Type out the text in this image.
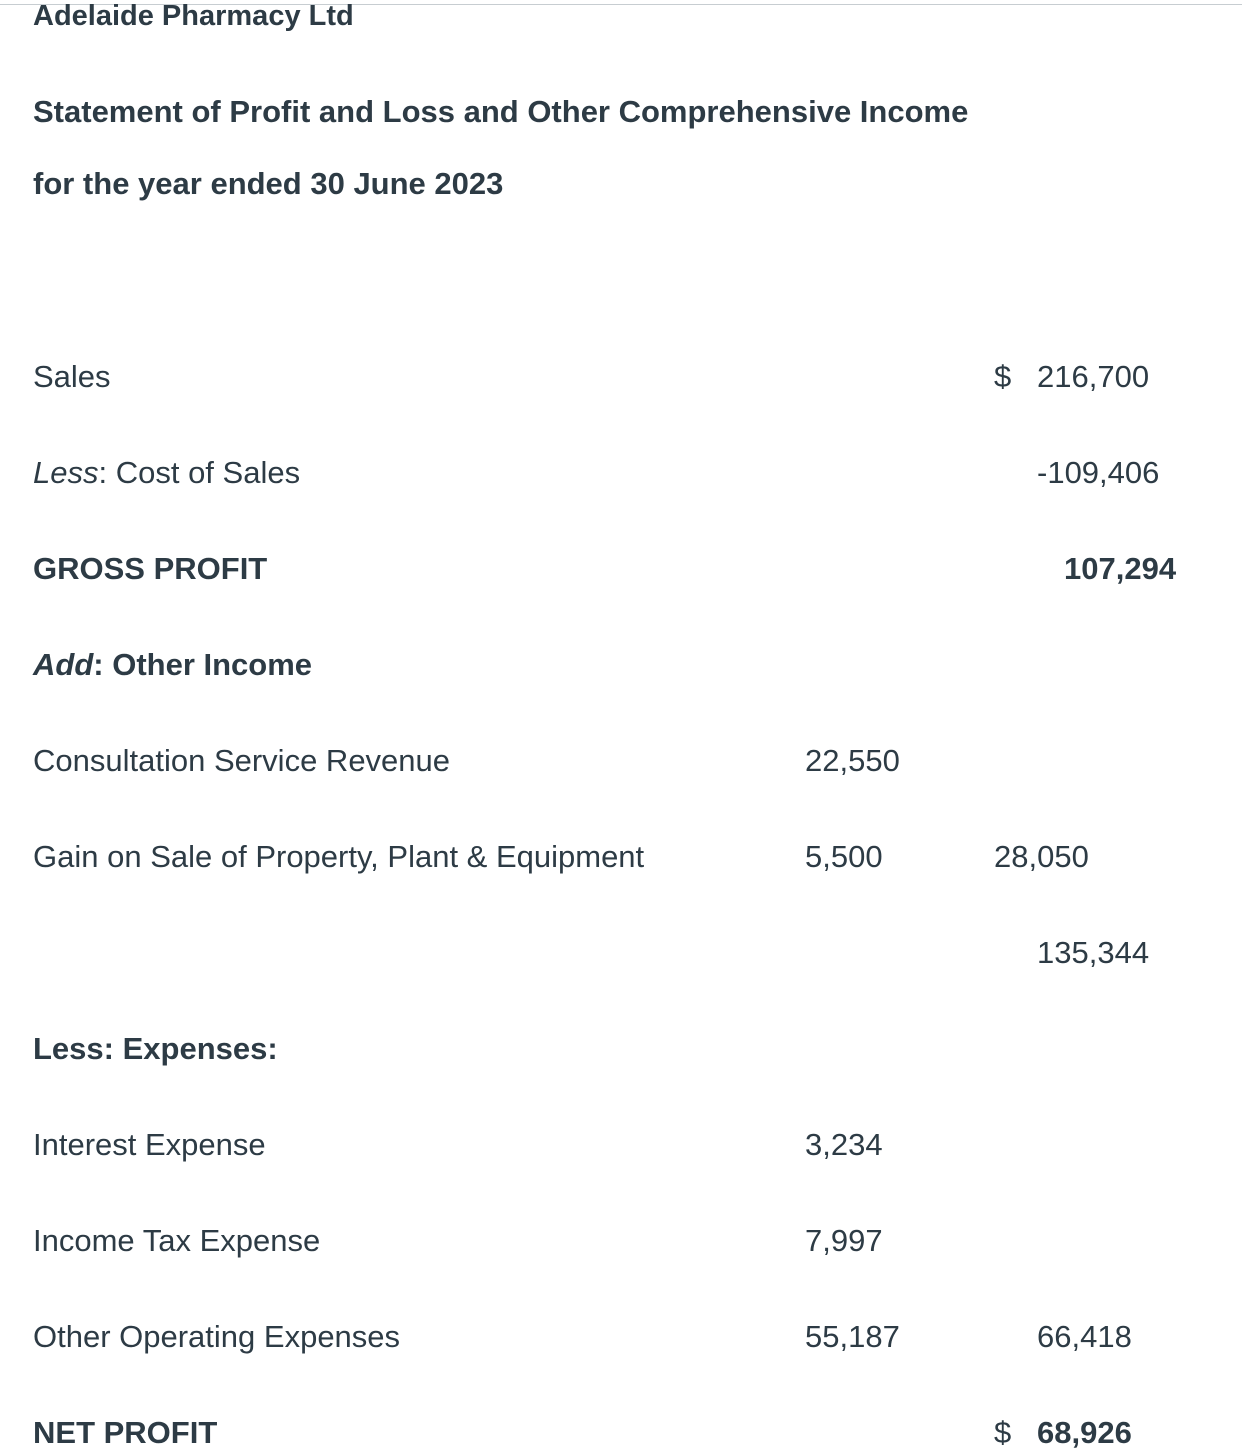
Adelaide Pharmacy Ltd
Statement of Profit and Loss and Other Comprehensive Income
for the year ended 30 June 2023
Sales	$ 216,700
Less: Cost of Sales	-109,406
GROSS PROFIT	107,294
Add: Other Income
Consultation Service Revenue	22,550
Gain on Sale of Property, Plant & Equipment	5,500	28,050
135,344
Less: Expenses:
Interest Expense	3,234
Income Tax Expense	7,997
Other Operating Expenses	55,187	66,418
NET PROFIT	$ 68,926
